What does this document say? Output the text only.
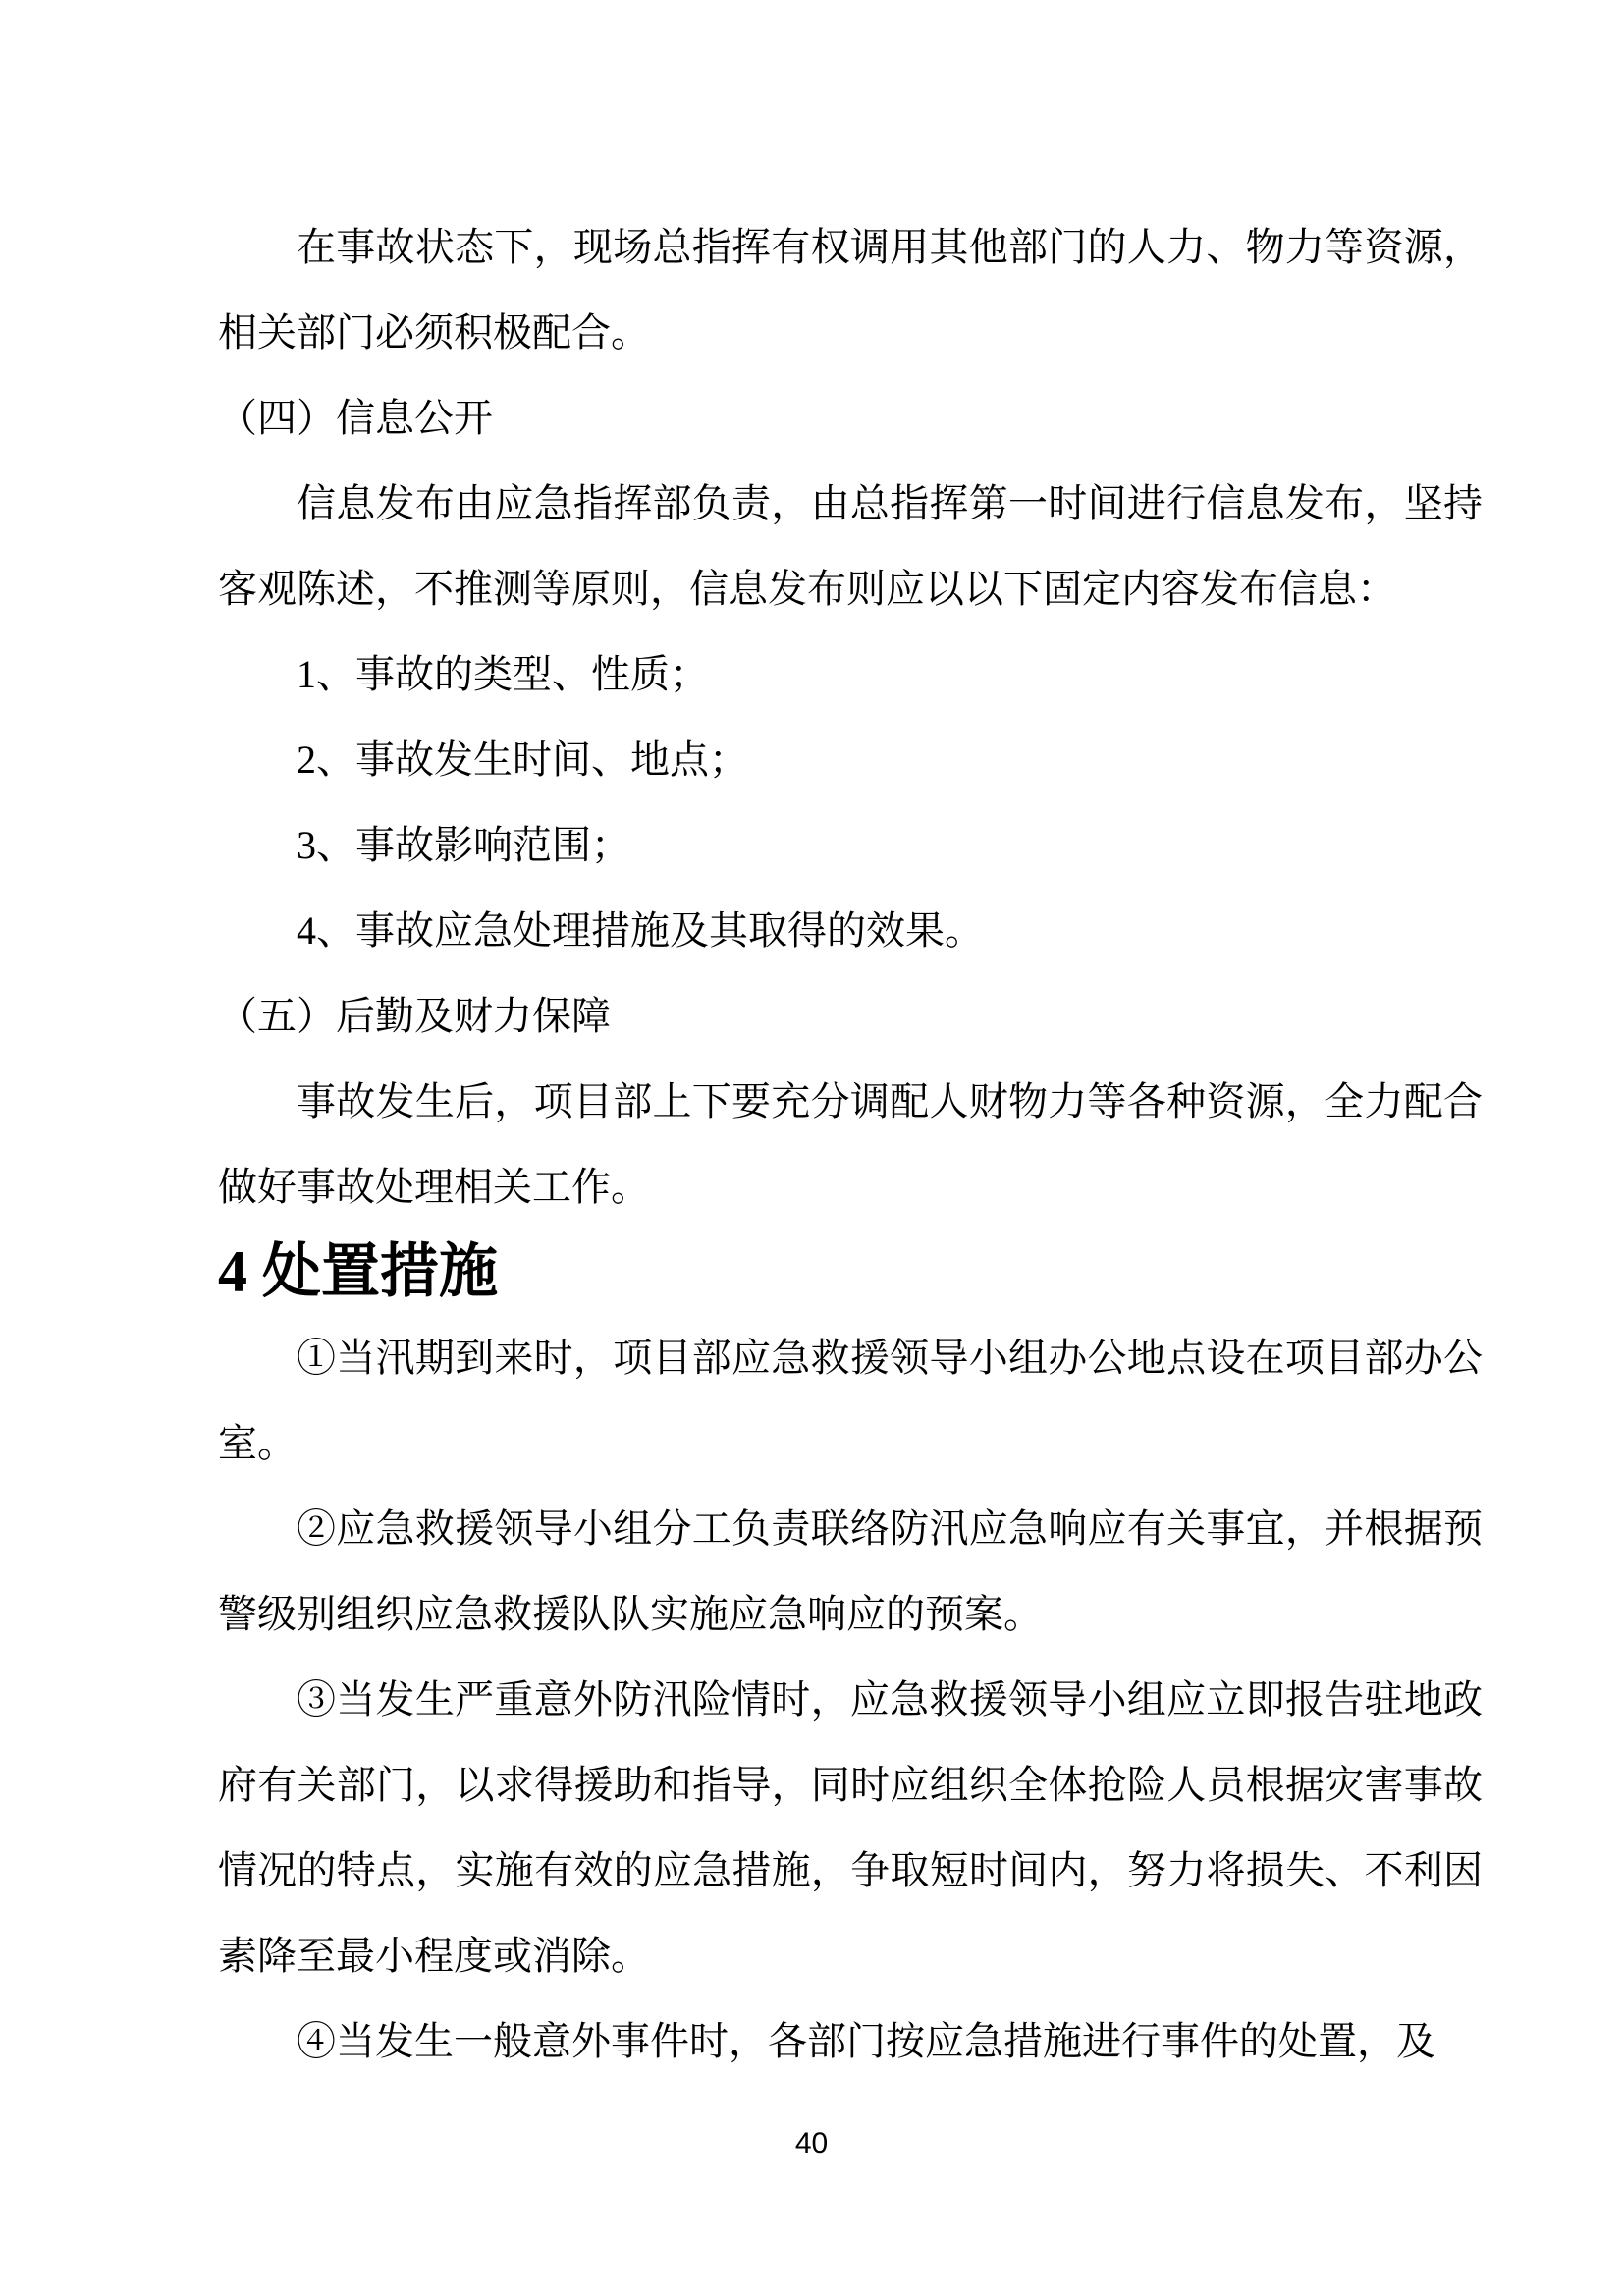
在事故状态下，现场总指挥有权调用其他部门的人力、物力等资源，相关部门必须积极配合。

（四）信息公开

信息发布由应急指挥部负责，由总指挥第一时间进行信息发布，坚持客观陈述，不推测等原则，信息发布则应以以下固定内容发布信息：

1、事故的类型、性质；

2、事故发生时间、地点；

3、事故影响范围；

4、事故应急处理措施及其取得的效果。

（五）后勤及财力保障

事故发生后，项目部上下要充分调配人财物力等各种资源，全力配合做好事故处理相关工作。

4 处置措施

①当汛期到来时，项目部应急救援领导小组办公地点设在项目部办公室。

②应急救援领导小组分工负责联络防汛应急响应有关事宜，并根据预警级别组织应急救援队队实施应急响应的预案。

③当发生严重意外防汛险情时，应急救援领导小组应立即报告驻地政府有关部门，以求得援助和指导，同时应组织全体抢险人员根据灾害事故情况的特点，实施有效的应急措施，争取短时间内，努力将损失、不利因素降至最小程度或消除。

④当发生一般意外事件时，各部门按应急措施进行事件的处置，及

40
